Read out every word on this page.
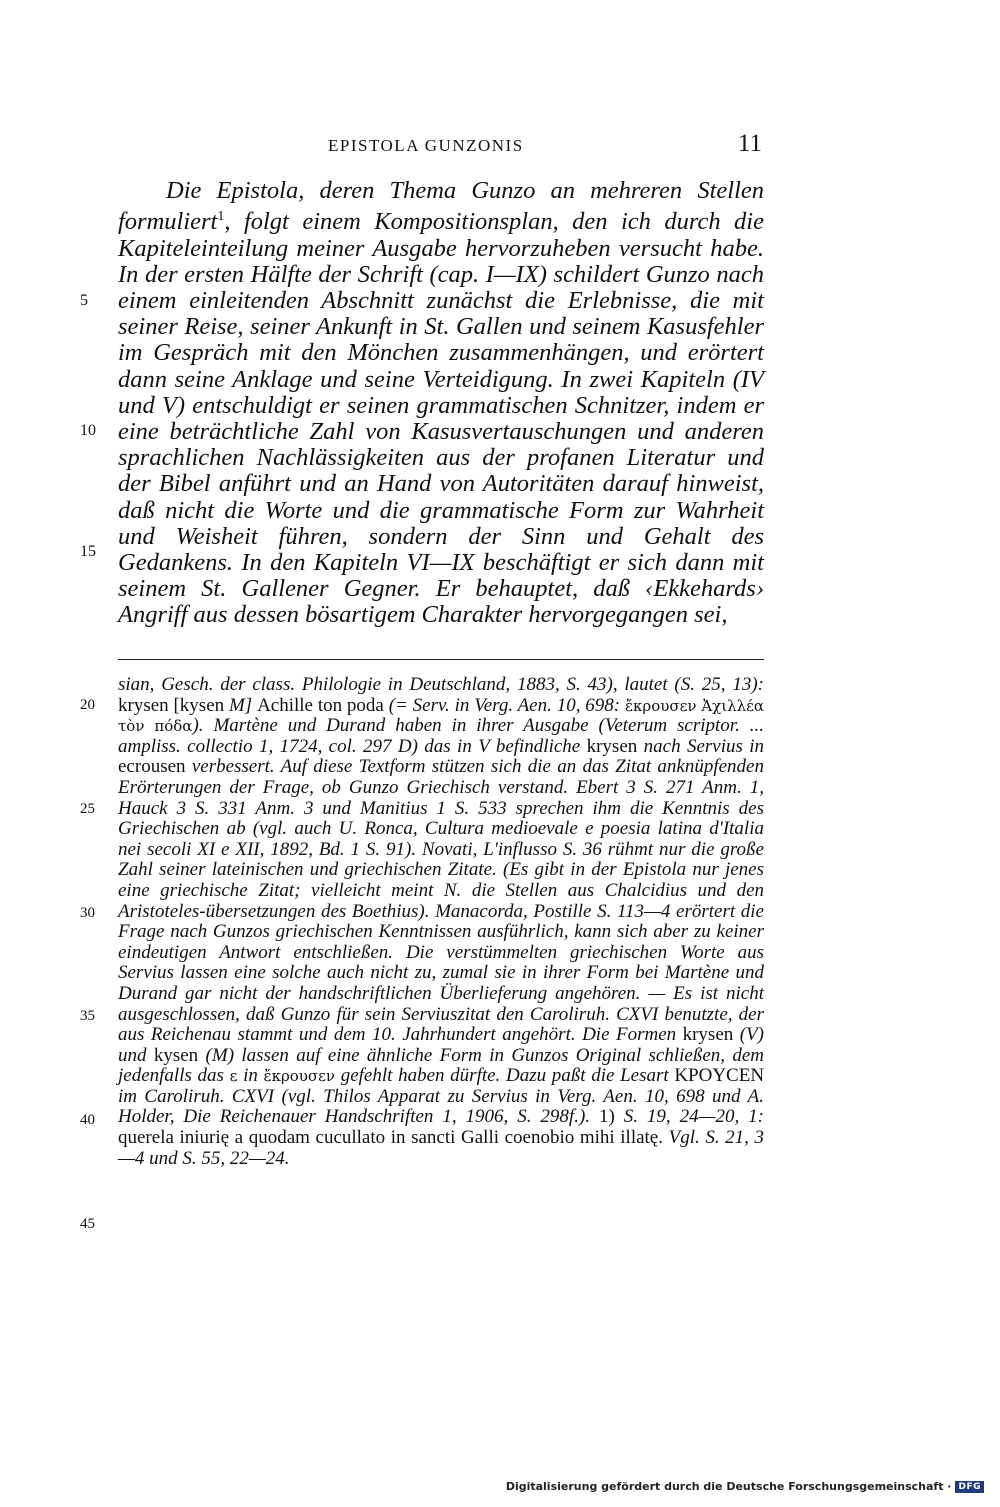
EPISTOLA GUNZONIS	11

Die Epistola, deren Thema Gunzo an mehreren Stellen formuliert$^1$, folgt einem Kompositionsplan, den ich durch die Kapiteleinteilung meiner Ausgabe hervorzuheben versucht habe. In der ersten Hälfte der Schrift (cap. I—IX) schildert Gunzo nach einem einleitenden Abschnitt zunächst die Erlebnisse, die mit seiner Reise, seiner Ankunft in St. Gallen und seinem Kasusfehler im Gespräch mit den Mönchen zusammenhängen, und erörtert dann seine Anklage und seine Verteidigung. In zwei Kapiteln (IV und V) entschuldigt er seinen grammatischen Schnitzer, indem er eine beträchtliche Zahl von Kasusvertauschungen und anderen sprachlichen Nachlässigkeiten aus der profanen Literatur und der Bibel anführt und an Hand von Autoritäten darauf hinweist, daß nicht die Worte und die grammatische Form zur Wahrheit und Weisheit führen, sondern der Sinn und Gehalt des Gedankens. In den Kapiteln VI—IX beschäftigt er sich dann mit seinem St. Gallener Gegner. Er behauptet, daß ‹Ekkehards› Angriff aus dessen bösartigem Charakter hervorgegangen sei,

5
10
15

sian, Gesch. der class. Philologie in Deutschland, 1883, S. 43), lautet (S. 25, 13): krysen [kysen M] Achille ton poda (= Serv. in Verg. Aen. 10, 698: ἔκρουσεν Ἀχιλλέα τὸν πόδα). Martène und Durand haben in ihrer Ausgabe (Veterum scriptor. ... ampliss. collectio 1, 1724, col. 297 D) das in V befindliche krysen nach Servius in ecrousen verbessert. Auf diese Textform stützen sich die an das Zitat anknüpfenden Erörterungen der Frage, ob Gunzo Griechisch verstand. Ebert 3 S. 271 Anm. 1, Hauck 3 S. 331 Anm. 3 und Manitius 1 S. 533 sprechen ihm die Kenntnis des Griechischen ab (vgl. auch U. Ronca, Cultura medioevale e poesia latina d'Italia nei secoli XI e XII, 1892, Bd. 1 S. 91). Novati, L'influsso S. 36 rühmt nur die große Zahl seiner lateinischen und griechischen Zitate. (Es gibt in der Epistola nur jenes eine griechische Zitat; vielleicht meint N. die Stellen aus Chalcidius und den Aristoteles-übersetzungen des Boethius). Manacorda, Postille S. 113—4 erörtert die Frage nach Gunzos griechischen Kenntnissen ausführlich, kann sich aber zu keiner eindeutigen Antwort entschließen. Die verstümmelten griechischen Worte aus Servius lassen eine solche auch nicht zu, zumal sie in ihrer Form bei Martène und Durand gar nicht der handschriftlichen Überlieferung angehören. — Es ist nicht ausgeschlossen, daß Gunzo für sein Serviuszitat den Caroliruh. CXVI benutzte, der aus Reichenau stammt und dem 10. Jahrhundert angehört. Die Formen krysen (V) und kysen (M) lassen auf eine ähnliche Form in Gunzos Original schließen, dem jedenfalls das ε in ἔκρουσεν gefehlt haben dürfte. Dazu paßt die Lesart KPOYCEN im Caroliruh. CXVI (vgl. Thilos Apparat zu Servius in Verg. Aen. 10, 698 und A. Holder, Die Reichenauer Handschriften 1, 1906, S. 298f.). 1) S. 19, 24—20, 1: querela iniurię a quodam cucullato in sancti Galli coenobio mihi illatę. Vgl. S. 21, 3—4 und S. 55, 22—24.

20
25
30
35
40
45
Digitalisierung gefördert durch die Deutsche Forschungsgemeinschaft · DFG
